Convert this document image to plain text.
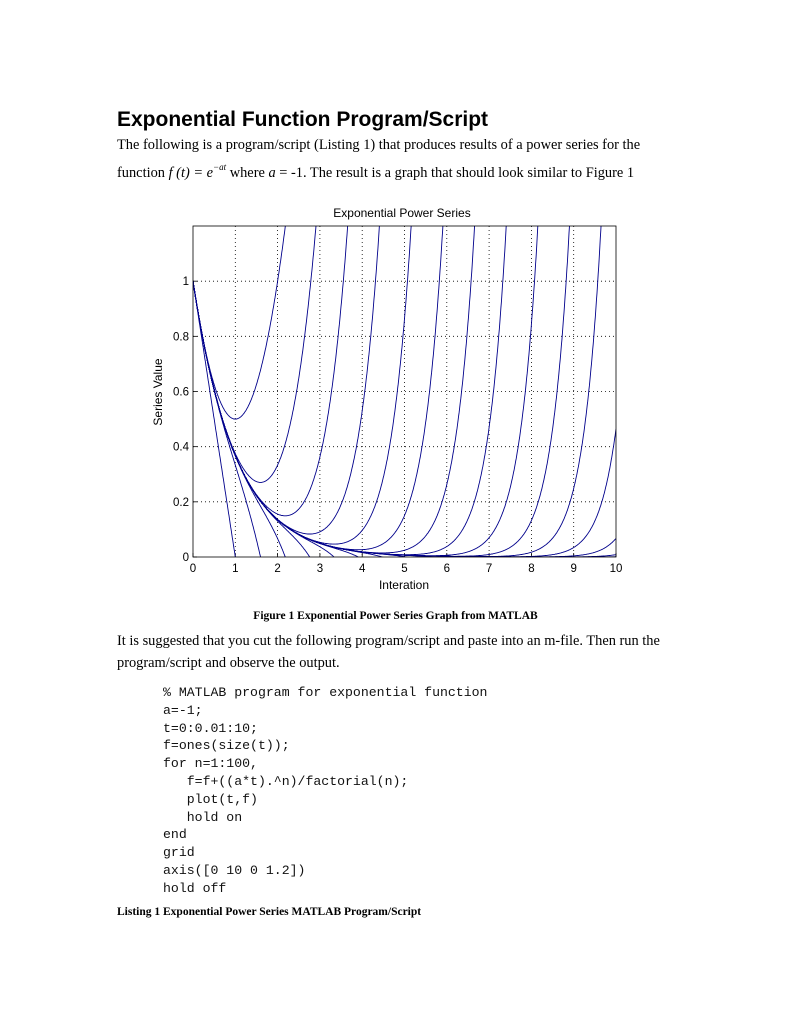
Exponential Function Program/Script

The following is a program/script (Listing 1) that produces results of a power series for the function f $(t) = e^{-at}$ where a = -1. The result is a graph that should look similar to Figure 1

Exponential Power Series
0	1	2	3	4	5	6	7	8	9	10
0
0.2
0.4
0.6
0.8
1
Interation
Series Value

Figure 1 Exponential Power Series Graph from MATLAB

It is suggested that you cut the following program/script and paste into an m-file. Then run the program/script and observe the output.

% MATLAB program for exponential function
a=-1;
t=0:0.01:10;
f=ones(size(t));
for n=1:100,
f=f+((a*t).^n)/factorial(n);
plot(t,f)
hold on
end
grid
axis([0 10 0 1.2])
hold off

Listing 1 Exponential Power Series MATLAB Program/Script
